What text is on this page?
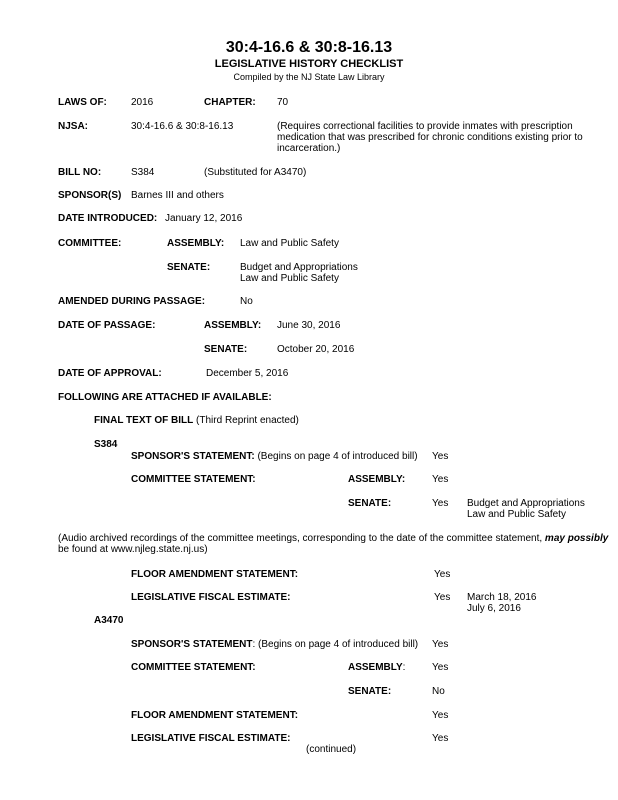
30:4-16.6 & 30:8-16.13
LEGISLATIVE HISTORY CHECKLIST
Compiled by the NJ State Law Library
LAWS OF: 2016	CHAPTER: 70
NJSA:	30:4-16.6 & 30:8-16.13	(Requires correctional facilities to provide inmates with prescription
medication that was prescribed for chronic conditions existing prior to
incarceration.)
BILL NO:	S384	(Substituted for A3470)
SPONSOR(S) Barnes III and others
DATE INTRODUCED: January 12, 2016
COMMITTEE:	ASSEMBLY: Law and Public Safety
SENATE:	Budget and Appropriations
Law and Public Safety
AMENDED DURING PASSAGE:	No
DATE OF PASSAGE:	ASSEMBLY: June 30, 2016
SENATE:	October 20, 2016
DATE OF APPROVAL:	December 5, 2016
FOLLOWING ARE ATTACHED IF AVAILABLE:
FINAL TEXT OF BILL (Third Reprint enacted)
S384
SPONSOR'S STATEMENT: (Begins on page 4 of introduced bill) Yes
COMMITTEE STATEMENT:	ASSEMBLY:	Yes
SENATE:	Yes Budget and Appropriations
Law and Public Safety
(Audio archived recordings of the committee meetings, corresponding to the date of the committee statement, may possibly
be found at www.njleg.state.nj.us)
FLOOR AMENDMENT STATEMENT:	Yes
LEGISLATIVE FISCAL ESTIMATE:	Yes March 18, 2016
July 6, 2016
A3470
SPONSOR'S STATEMENT: (Begins on page 4 of introduced bill) Yes
COMMITTEE STATEMENT:	ASSEMBLY:	Yes
SENATE:	No
FLOOR AMENDMENT STATEMENT:	Yes
LEGISLATIVE FISCAL ESTIMATE:	Yes
(continued)
